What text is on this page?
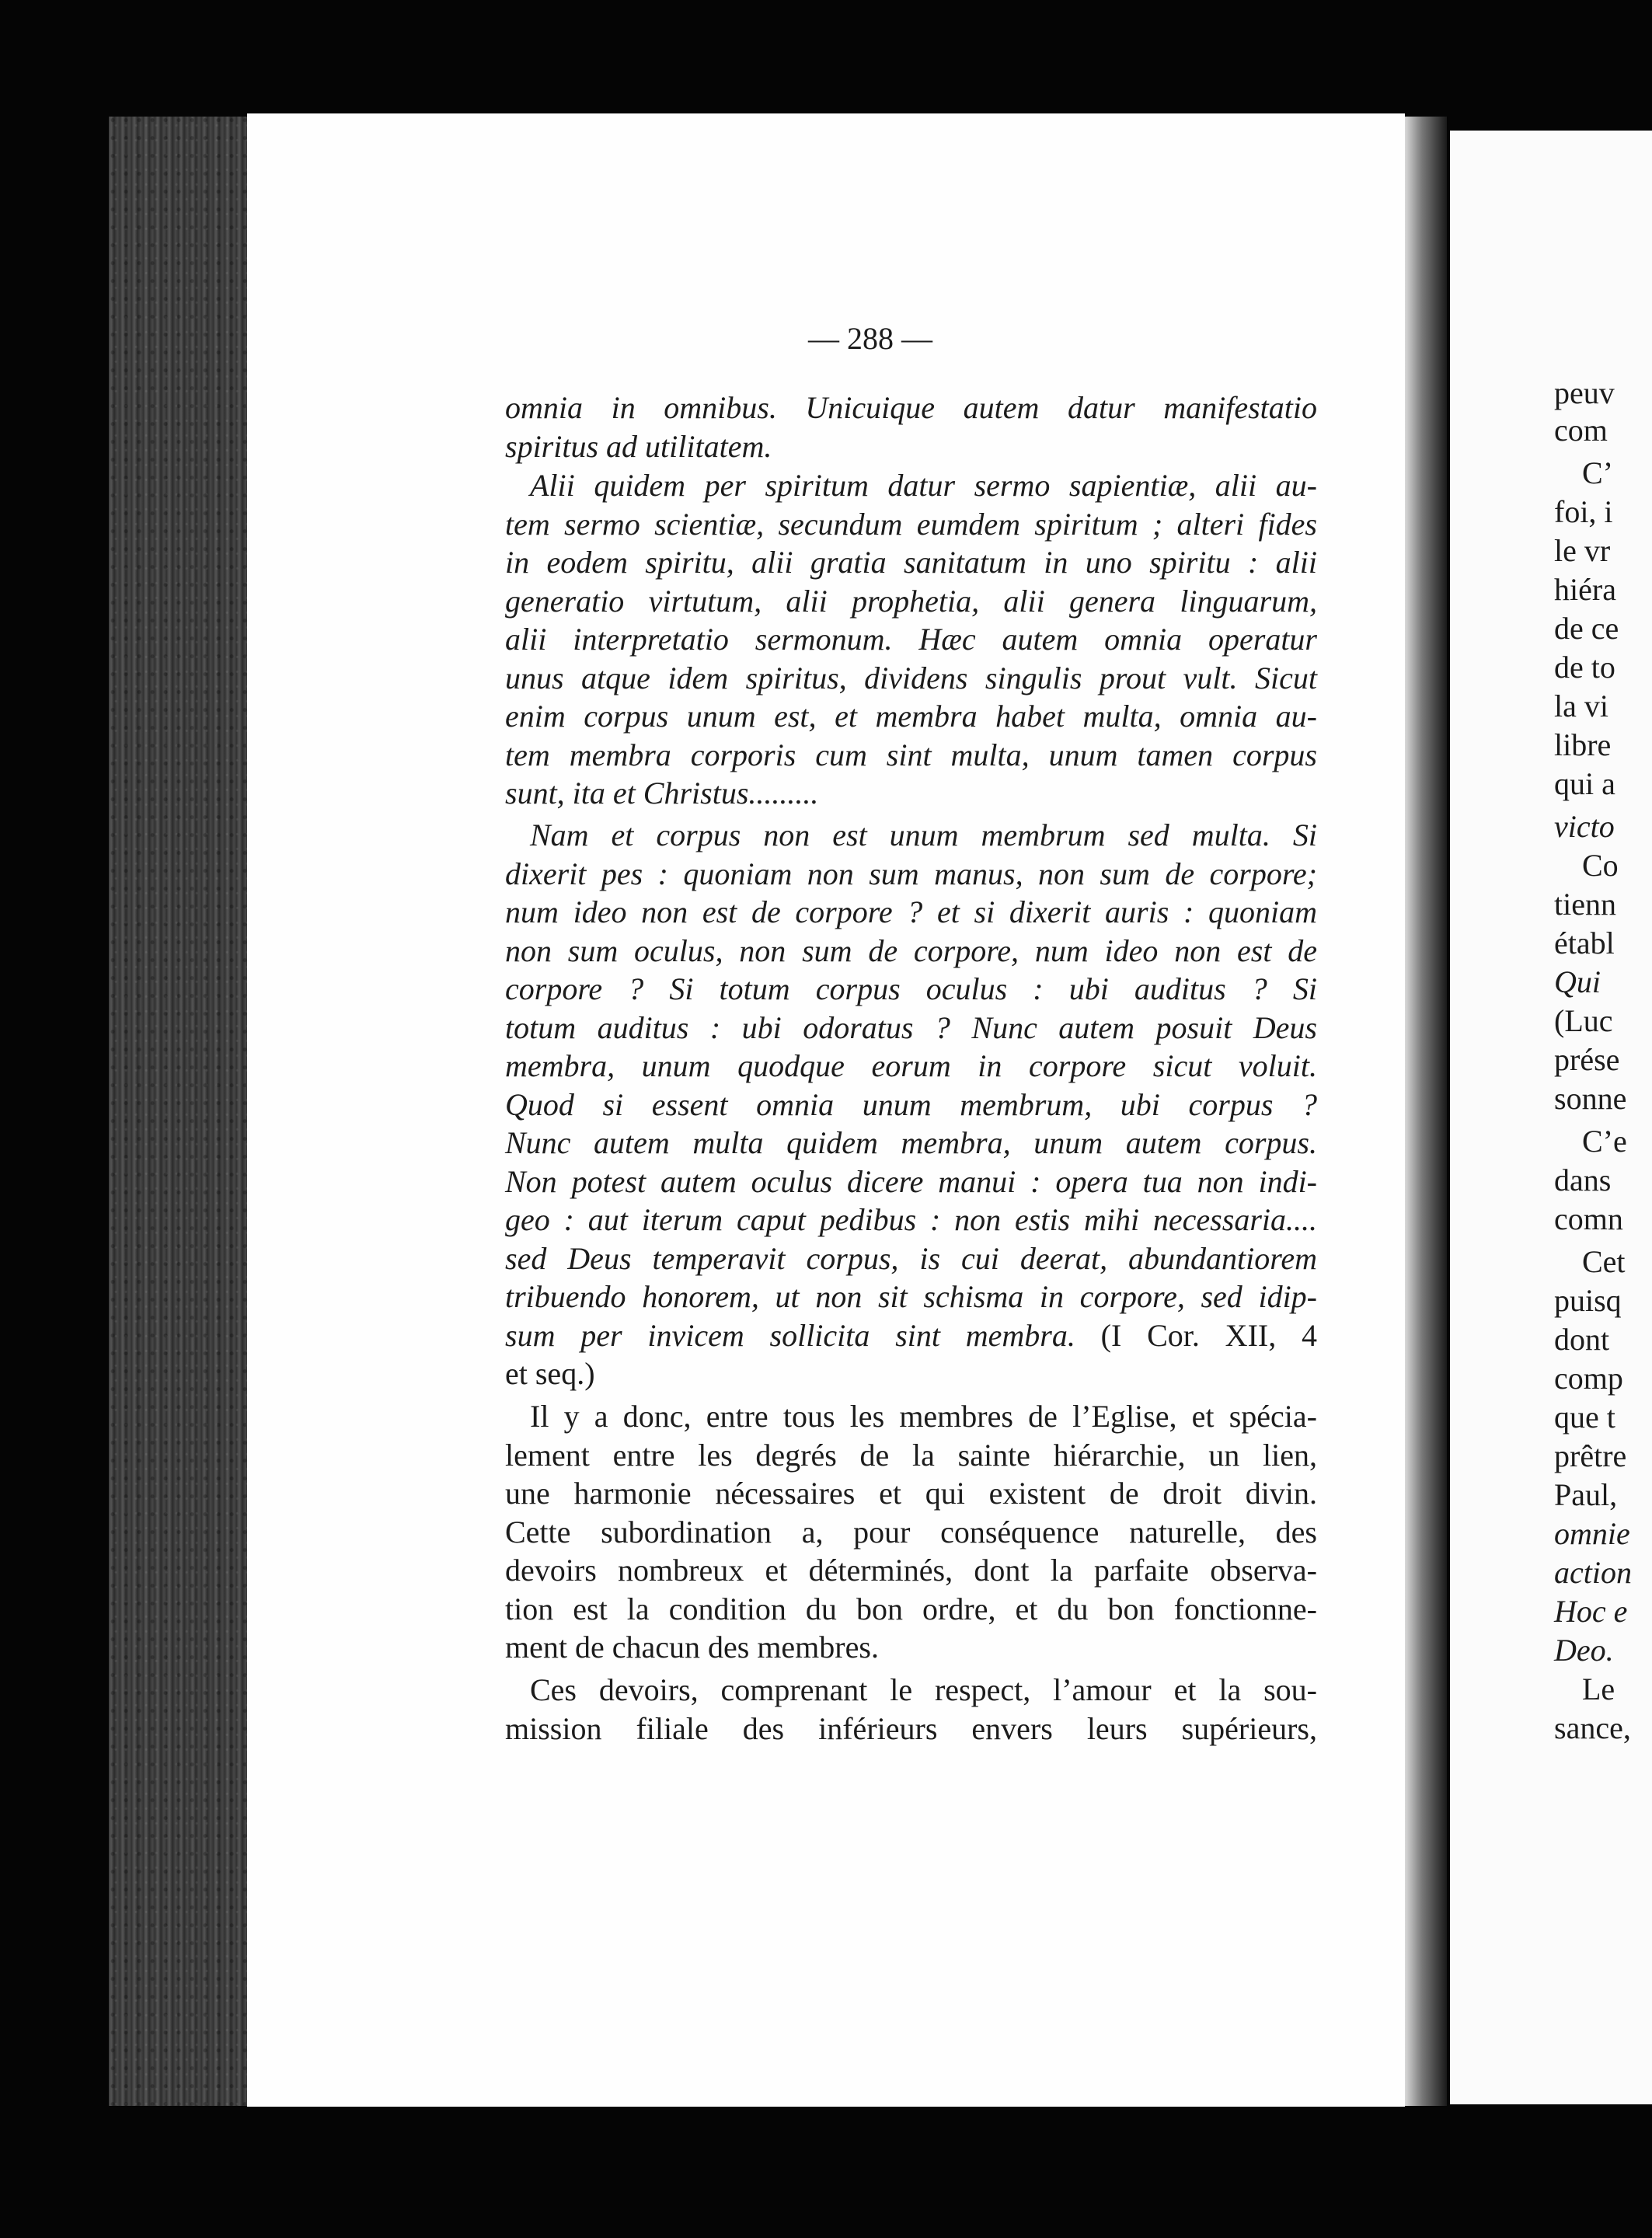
— 288 —
omnia in omnibus. Unicuique autem datur manifestatio
spiritus ad utilitatem.
Alii quidem per spiritum datur sermo sapientiæ, alii au-
tem sermo scientiæ, secundum eumdem spiritum ; alteri fides
in eodem spiritu, alii gratia sanitatum in uno spiritu : alii
generatio virtutum, alii prophetia, alii genera linguarum,
alii interpretatio sermonum. Hæc autem omnia operatur
unus atque idem spiritus, dividens singulis prout vult. Sicut
enim corpus unum est, et membra habet multa, omnia au-
tem membra corporis cum sint multa, unum tamen corpus
sunt, ita et Christus.........
Nam et corpus non est unum membrum sed multa. Si
dixerit pes : quoniam non sum manus, non sum de corpore;
num ideo non est de corpore ? et si dixerit auris : quoniam
non sum oculus, non sum de corpore, num ideo non est de
corpore ? Si totum corpus oculus : ubi auditus ? Si
totum auditus : ubi odoratus ? Nunc autem posuit Deus
membra, unum quodque eorum in corpore sicut voluit.
Quod si essent omnia unum membrum, ubi corpus ?
Nunc autem multa quidem membra, unum autem corpus.
Non potest autem oculus dicere manui : opera tua non indi-
geo : aut iterum caput pedibus : non estis mihi necessaria....
sed Deus temperavit corpus, is cui deerat, abundantiorem
tribuendo honorem, ut non sit schisma in corpore, sed idip-
sum per invicem sollicita sint membra. (I Cor. XII, 4
et seq.)
Il y a donc, entre tous les membres de l’Eglise, et spécia-
lement entre les degrés de la sainte hiérarchie, un lien,
une harmonie nécessaires et qui existent de droit divin.
Cette subordination a, pour conséquence naturelle, des
devoirs nombreux et déterminés, dont la parfaite observa-
tion est la condition du bon ordre, et du bon fonctionne-
ment de chacun des membres.
Ces devoirs, comprenant le respect, l’amour et la sou-
mission filiale des inférieurs envers leurs supérieurs,
peuv
com
C’
foi, i
le vr
hiéra
de ce
de to
la vi
libre
qui a
victo
Co
tienn
établ
Qui
(Luc
prése
sonne
C’e
dans
comn
Cet
puisq
dont
comp
que t
prêtre
Paul,
omnie
action
Hoc e
Deo.
Le
sance,
